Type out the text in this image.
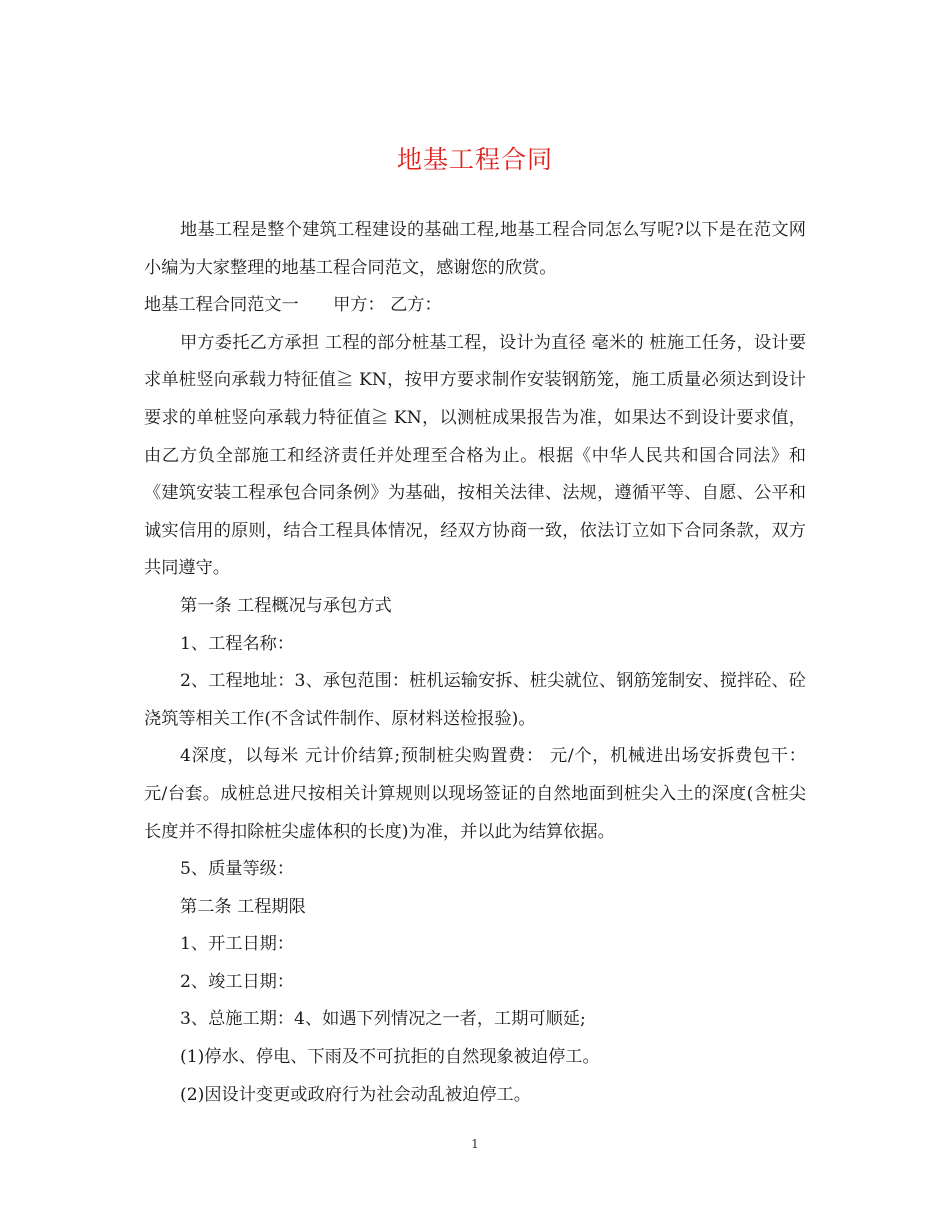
地基工程合同

地基工程是整个建筑工程建设的基础工程,地基工程合同怎么写呢?以下是在范文网小编为大家整理的地基工程合同范文，感谢您的欣赏。

地基工程合同范文一　　甲方： 乙方：

甲方委托乙方承担 工程的部分桩基工程，设计为直径 毫米的 桩施工任务，设计要求单桩竖向承载力特征值≧ KN，按甲方要求制作安装钢筋笼，施工质量必须达到设计要求的单桩竖向承载力特征值≧ KN，以测桩成果报告为准，如果达不到设计要求值，由乙方负全部施工和经济责任并处理至合格为止。根据《中华人民共和国合同法》和《建筑安装工程承包合同条例》为基础，按相关法律、法规，遵循平等、自愿、公平和诚实信用的原则，结合工程具体情况，经双方协商一致，依法订立如下合同条款，双方共同遵守。

第一条 工程概况与承包方式

1、工程名称：

2、工程地址：3、承包范围：桩机运输安拆、桩尖就位、钢筋笼制安、搅拌砼、砼浇筑等相关工作(不含试件制作、原材料送检报验)。

4深度，以每米 元计价结算;预制桩尖购置费： 元/个，机械进出场安拆费包干： 元/台套。成桩总进尺按相关计算规则以现场签证的自然地面到桩尖入土的深度(含桩尖长度并不得扣除桩尖虚体积的长度)为准，并以此为结算依据。

5、质量等级：

第二条 工程期限

1、开工日期：

2、竣工日期：

3、总施工期：4、如遇下列情况之一者，工期可顺延;

(1)停水、停电、下雨及不可抗拒的自然现象被迫停工。

(2)因设计变更或政府行为社会动乱被迫停工。

1
